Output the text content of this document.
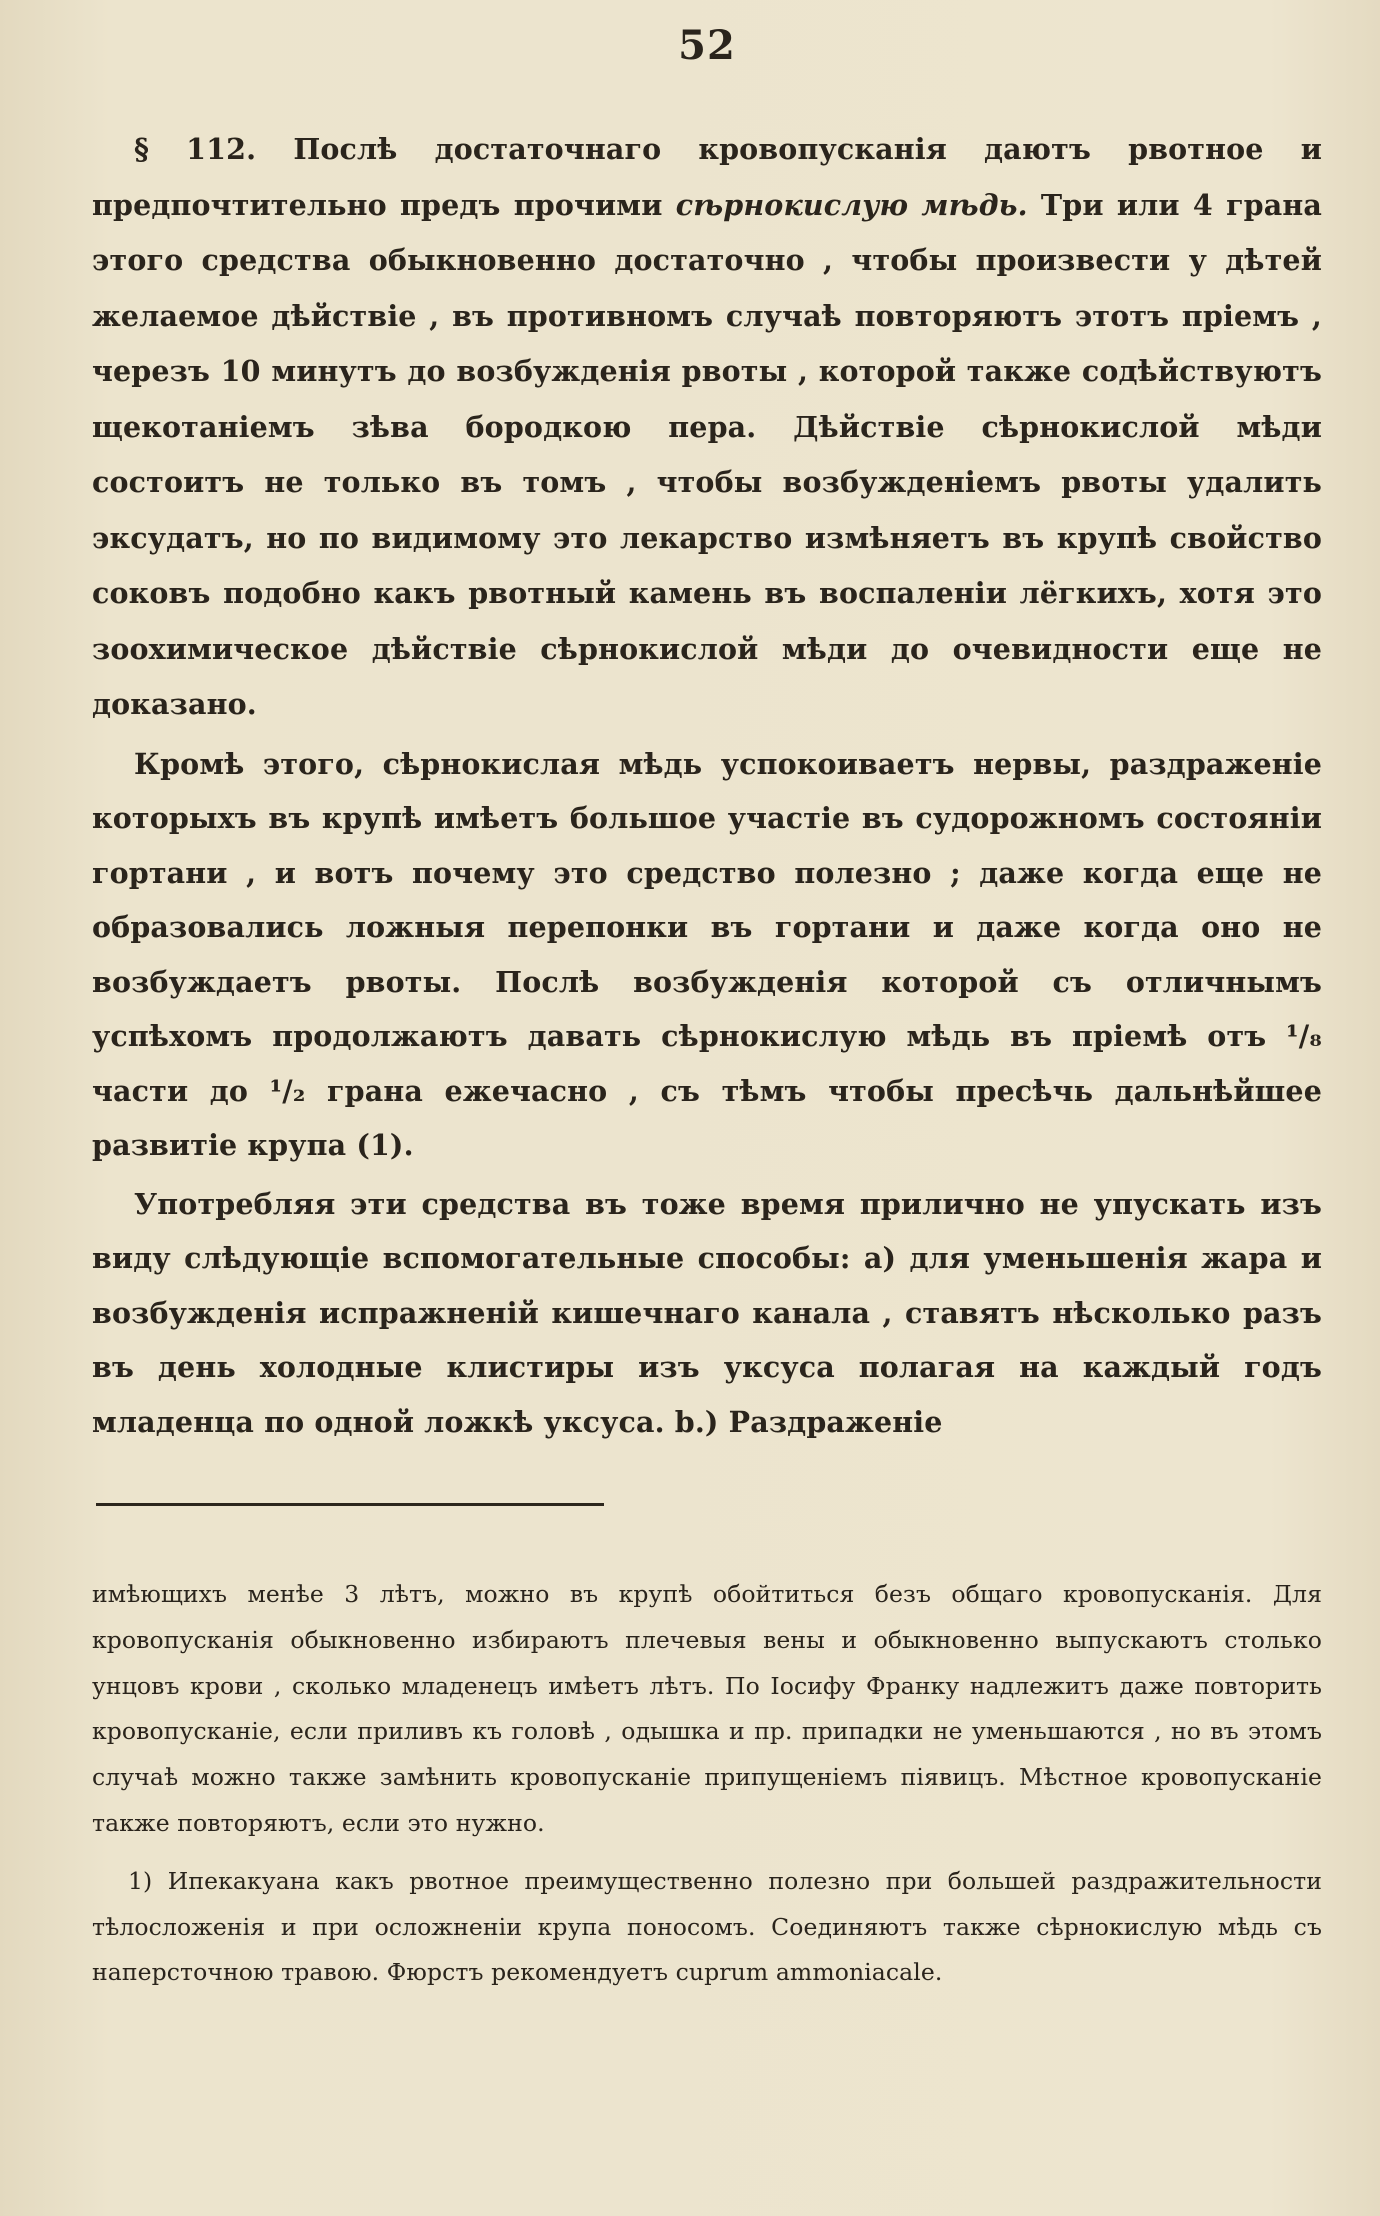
52

§ 112. Послѣ достаточнаго кровопусканія даютъ рвотное и предпочтительно предъ прочими сѣрнокислую мѣдь. Три или 4 грана этого средства обыкновенно достаточно , чтобы произвести у дѣтей желаемое дѣйствіе , въ противномъ случаѣ повторяютъ этотъ пріемъ , черезъ 10 минутъ до возбужденія рвоты , которой также содѣйствуютъ щекотаніемъ зѣва бородкою пера. Дѣйствіе сѣрнокислой мѣди состоитъ не только въ томъ , чтобы возбужденіемъ рвоты удалить эксудатъ, но по видимому это лекарство измѣняетъ въ крупѣ свойство соковъ подобно какъ рвотный камень въ воспаленіи лёгкихъ, хотя это зоохимическое дѣйствіе сѣрнокислой мѣди до очевидности еще не доказано.

Кромѣ этого, сѣрнокислая мѣдь успокоиваетъ нервы, раздраженіе которыхъ въ крупѣ имѣетъ большое участіе въ судорожномъ состояніи гортани , и вотъ почему это средство полезно ; даже когда еще не образовались ложныя перепонки въ гортани и даже когда оно не возбуждаетъ рвоты. Послѣ возбужденія которой съ отличнымъ успѣхомъ продолжаютъ давать сѣрнокислую мѣдь въ пріемѣ отъ ¹/₈ части до ¹/₂ грана ежечасно , съ тѣмъ чтобы пресѣчь дальнѣйшее развитіе крупа (1).

Употребляя эти средства въ тоже время прилично не упускать изъ виду слѣдующіе вспомогательные способы: a) для уменьшенія жара и возбужденія испражненій кишечнаго канала , ставятъ нѣсколько разъ въ день холодные клистиры изъ уксуса полагая на каждый годъ младенца по одной ложкѣ уксуса. b.) Раздраженіе

имѣющихъ менѣе 3 лѣтъ, можно въ крупѣ обойтиться безъ общаго кровопусканія. Для кровопусканія обыкновенно избираютъ плечевыя вены и обыкновенно выпускаютъ столько унцовъ крови , сколько младенецъ имѣетъ лѣтъ. По Іосифу Франку надлежитъ даже повторить кровопусканіе, если приливъ къ головѣ , одышка и пр. припадки не уменьшаются , но въ этомъ случаѣ можно также замѣнить кровопусканіе припущеніемъ піявицъ. Мѣстное кровопусканіе также повторяютъ, если это нужно.

1) Ипекакуана какъ рвотное преимущественно полезно при большей раздражительности тѣлосложенія и при осложненіи крупа поносомъ. Соединяютъ также сѣрнокислую мѣдь съ наперсточною травою. Фюрстъ рекомендуетъ cuprum ammoniacale.
